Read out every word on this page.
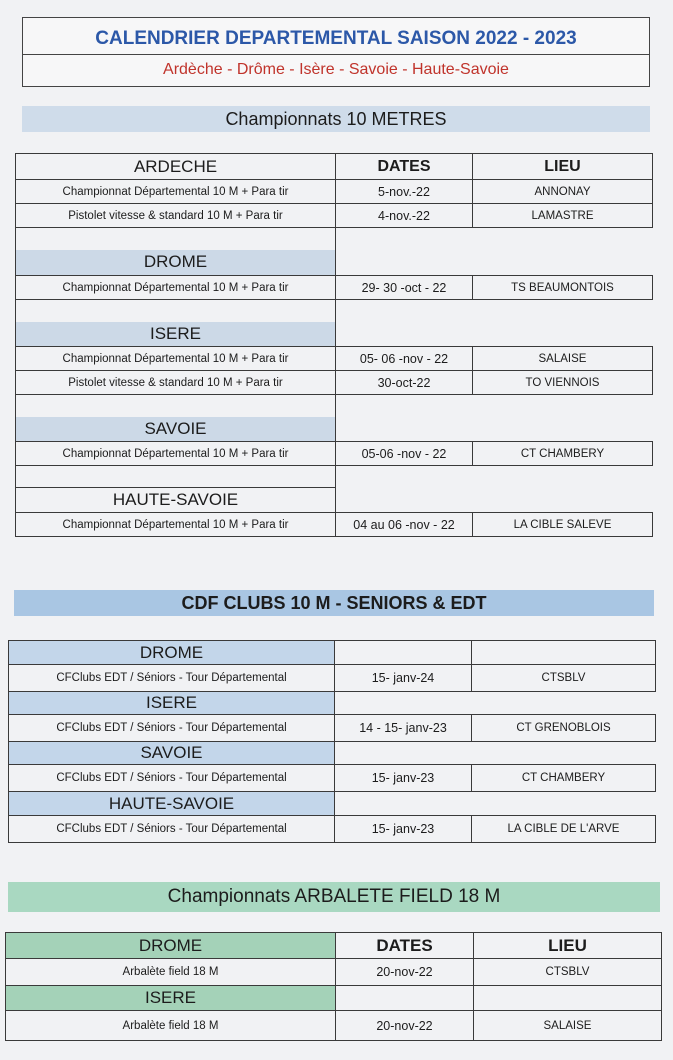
CALENDRIER DEPARTEMENTAL SAISON 2022 - 2023
Ardèche - Drôme - Isère - Savoie - Haute-Savoie
Championnats 10 METRES
ARDECHE	DATES	LIEU
Championnat Départemental 10 M + Para tir	5-nov.-22	ANNONAY
Pistolet vitesse & standard 10 M + Para tir	4-nov.-22	LAMASTRE

DROME		
Championnat Départemental 10 M + Para tir	29- 30 -oct - 22	TS BEAUMONTOIS

ISERE		
Championnat Départemental 10 M + Para tir	05- 06 -nov - 22	SALAISE
Pistolet vitesse & standard 10 M + Para tir	30-oct-22	TO VIENNOIS

SAVOIE		
Championnat Départemental 10 M + Para tir	05-06 -nov - 22	CT CHAMBERY

HAUTE-SAVOIE		
Championnat Départemental 10 M + Para tir	04 au 06 -nov - 22	LA CIBLE SALEVE
CDF CLUBS 10 M - SENIORS & EDT
DROME		
CFClubs EDT / Séniors - Tour Départemental	15- janv-24	CTSBLV
ISERE		
CFClubs EDT / Séniors - Tour Départemental	14 - 15- janv-23	CT GRENOBLOIS
SAVOIE		
CFClubs EDT / Séniors - Tour Départemental	15- janv-23	CT CHAMBERY
HAUTE-SAVOIE		
CFClubs EDT / Séniors - Tour Départemental	15- janv-23	LA CIBLE DE L'ARVE
Championnats ARBALETE FIELD 18 M
DROME	DATES	LIEU
Arbalète field 18 M	20-nov-22	CTSBLV
ISERE		
Arbalète field 18 M	20-nov-22	SALAISE
